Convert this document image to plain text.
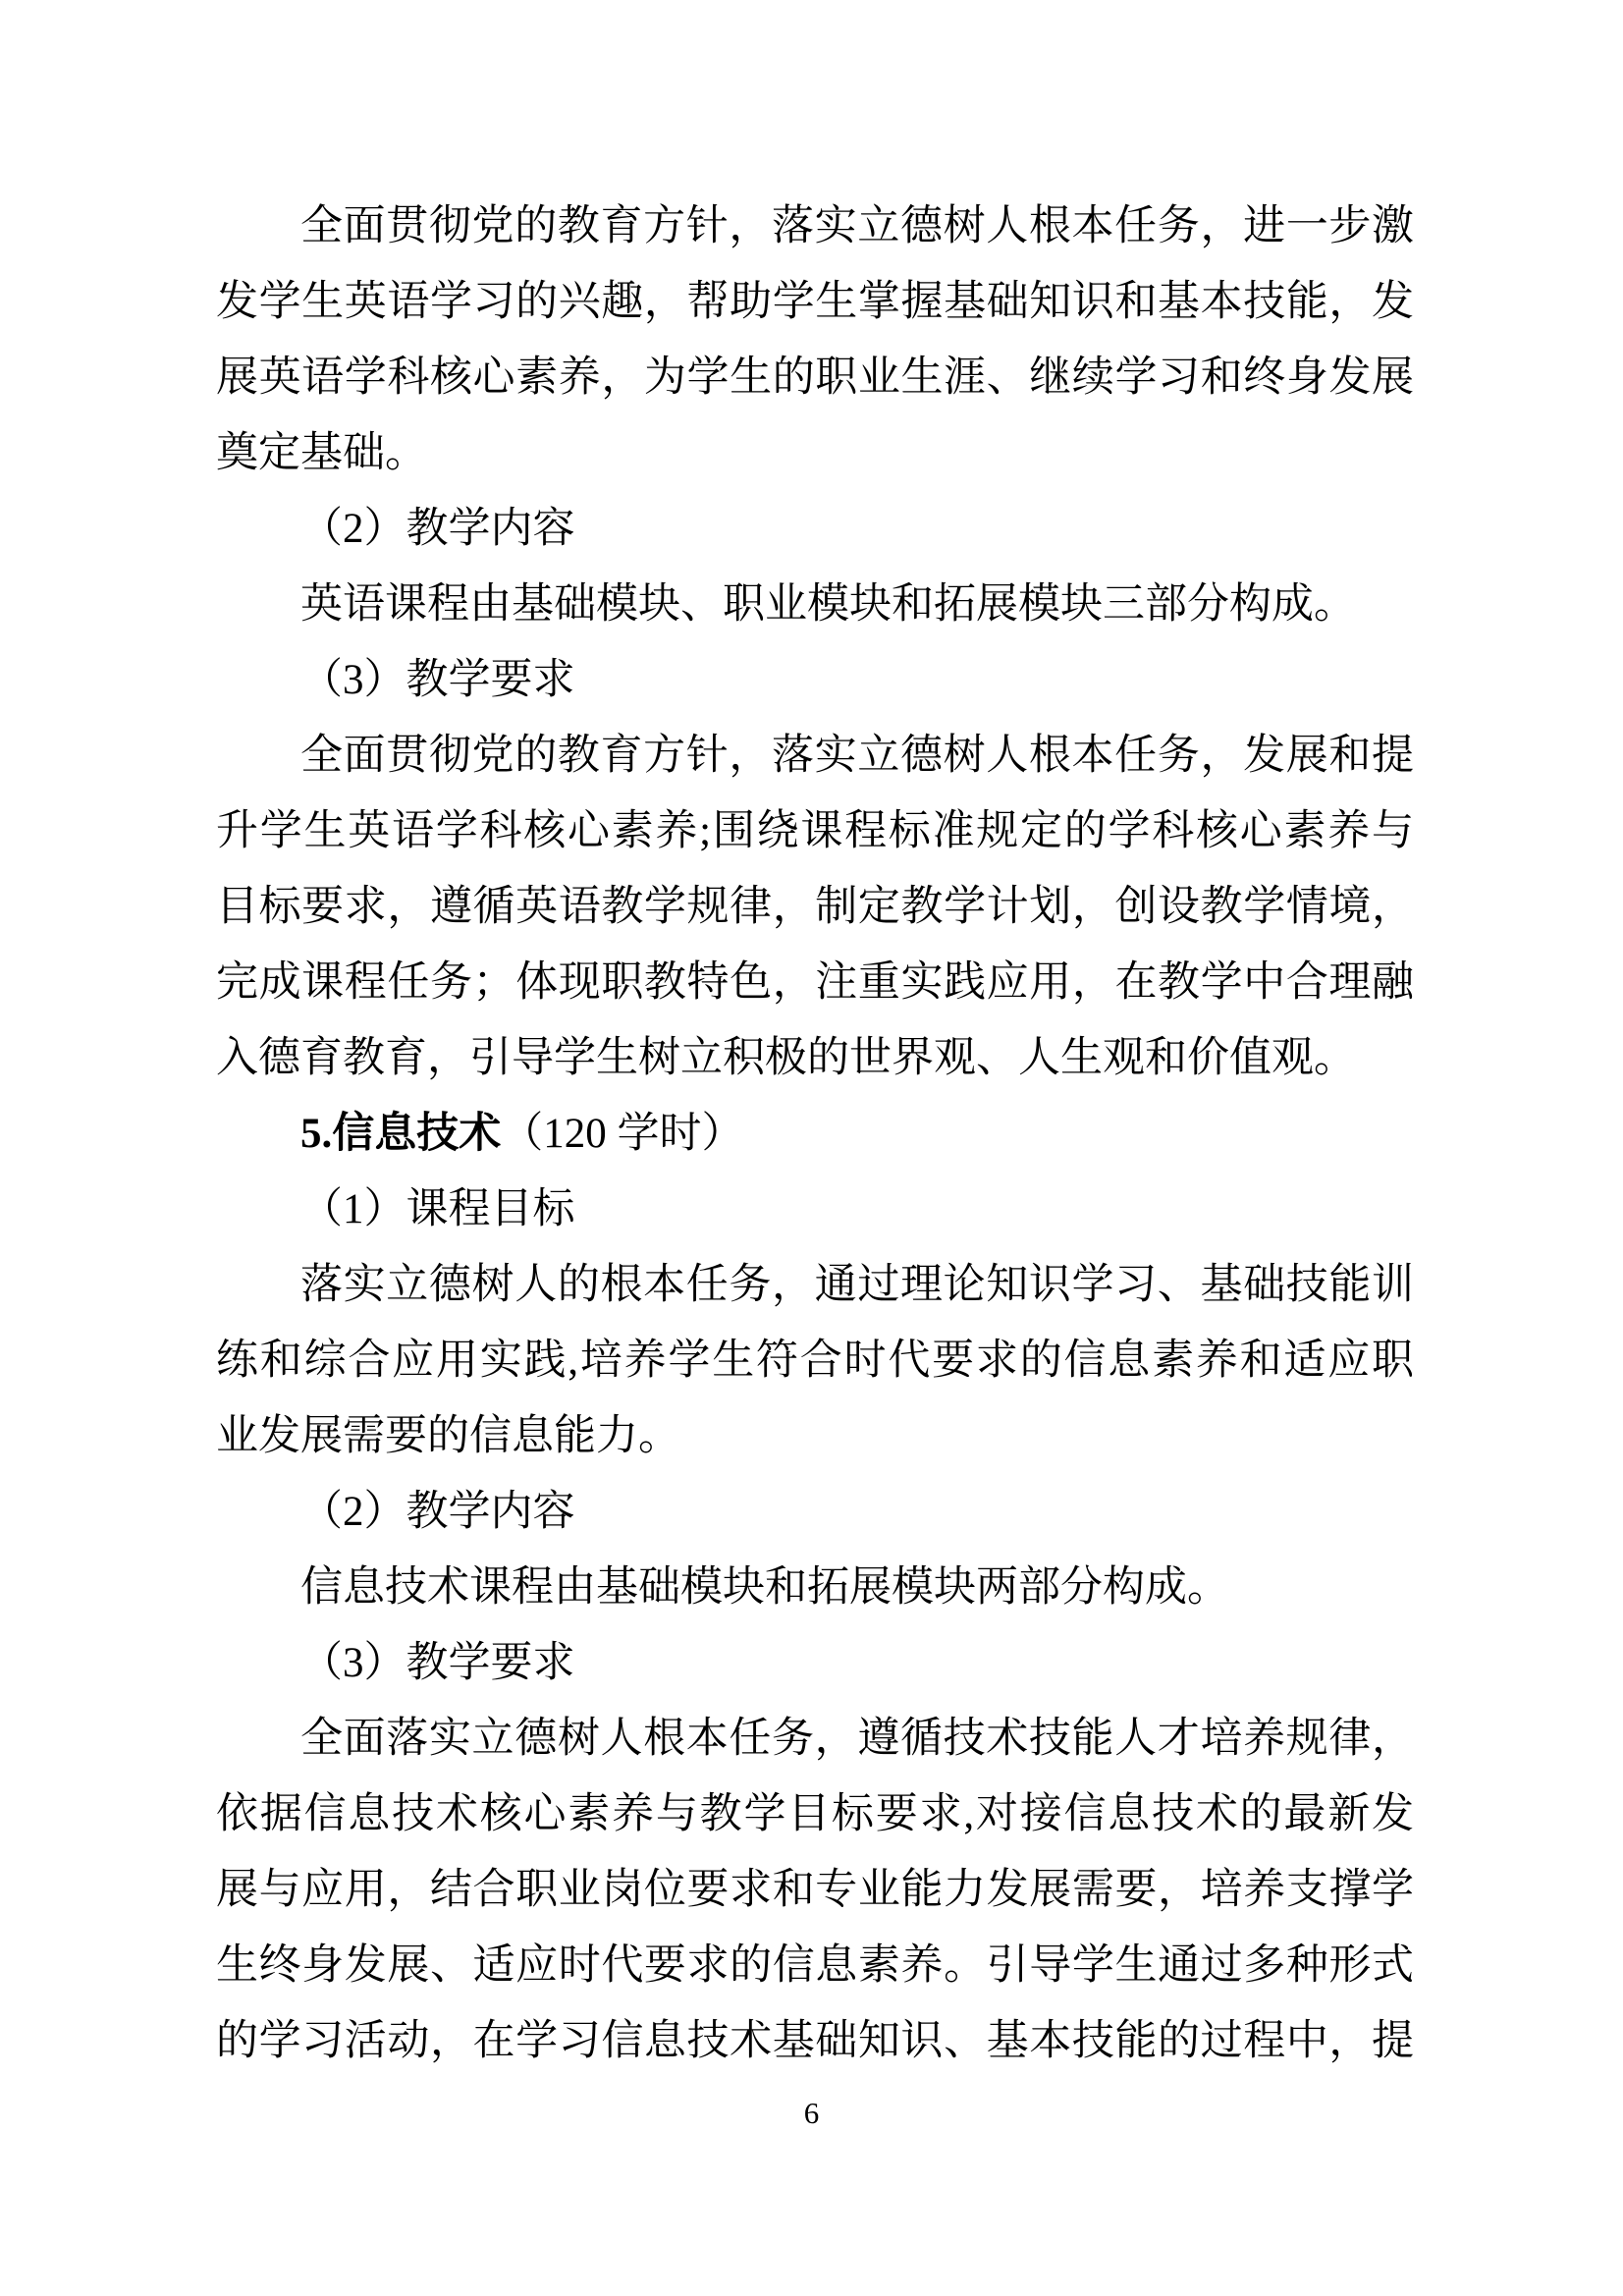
全面贯彻党的教育方针，落实立德树人根本任务，进一步激
发学生英语学习的兴趣，帮助学生掌握基础知识和基本技能，发
展英语学科核心素养，为学生的职业生涯、继续学习和终身发展
奠定基础。
（2）教学内容
英语课程由基础模块、职业模块和拓展模块三部分构成。
（3）教学要求
全面贯彻党的教育方针，落实立德树人根本任务，发展和提
升学生英语学科核心素养;围绕课程标准规定的学科核心素养与
目标要求，遵循英语教学规律，制定教学计划，创设教学情境，
完成课程任务；体现职教特色，注重实践应用，在教学中合理融
入德育教育，引导学生树立积极的世界观、人生观和价值观。
5.信息技术（120 学时）
（1）课程目标
落实立德树人的根本任务，通过理论知识学习、基础技能训
练和综合应用实践,培养学生符合时代要求的信息素养和适应职
业发展需要的信息能力。
（2）教学内容
信息技术课程由基础模块和拓展模块两部分构成。
（3）教学要求
全面落实立德树人根本任务，遵循技术技能人才培养规律，
依据信息技术核心素养与教学目标要求,对接信息技术的最新发
展与应用，结合职业岗位要求和专业能力发展需要，培养支撑学
生终身发展、适应时代要求的信息素养。引导学生通过多种形式
的学习活动，在学习信息技术基础知识、基本技能的过程中，提
6
